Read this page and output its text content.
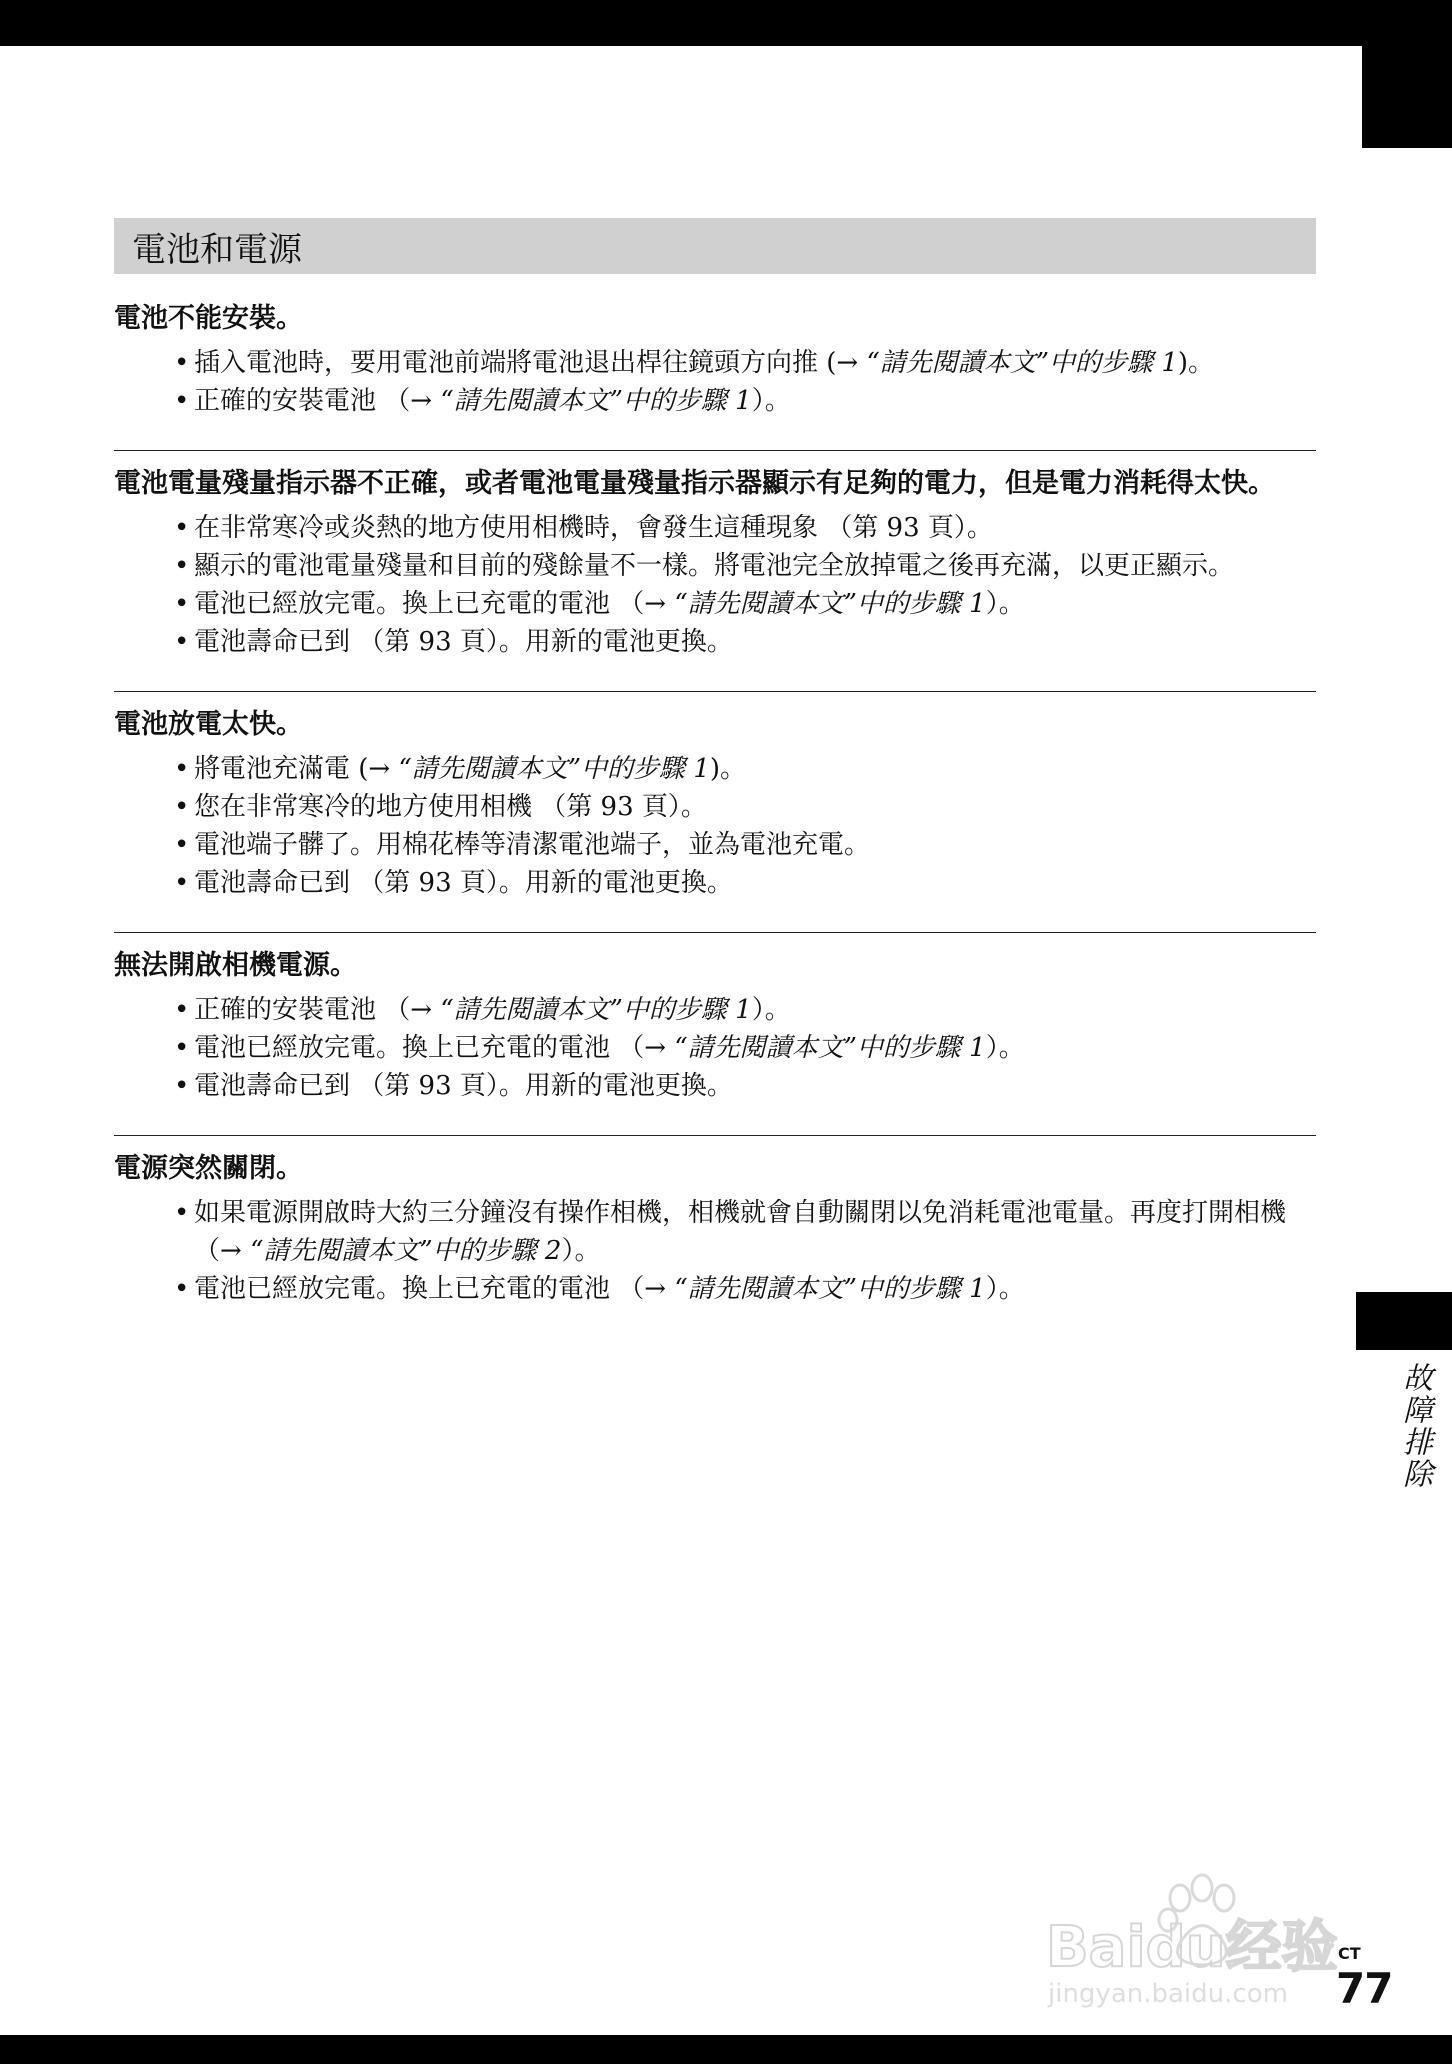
電池和電源
電池不能安裝。
• 插入電池時，要用電池前端將電池退出桿往鏡頭方向推 (→ “請先閱讀本文”中的步驟 1)。
• 正確的安裝電池 （→ “請先閱讀本文”中的步驟 1）。
電池電量殘量指示器不正確，或者電池電量殘量指示器顯示有足夠的電力，但是電力消耗得太快。
• 在非常寒冷或炎熱的地方使用相機時，會發生這種現象 （第 93 頁）。
• 顯示的電池電量殘量和目前的殘餘量不一樣。將電池完全放掉電之後再充滿，以更正顯示。
• 電池已經放完電。換上已充電的電池 （→ “請先閱讀本文”中的步驟 1）。
• 電池壽命已到 （第 93 頁）。用新的電池更換。
電池放電太快。
• 將電池充滿電 (→ “請先閱讀本文”中的步驟 1)。
• 您在非常寒冷的地方使用相機 （第 93 頁）。
• 電池端子髒了。用棉花棒等清潔電池端子，並為電池充電。
• 電池壽命已到 （第 93 頁）。用新的電池更換。
無法開啟相機電源。
• 正確的安裝電池 （→ “請先閱讀本文”中的步驟 1）。
• 電池已經放完電。換上已充電的電池 （→ “請先閱讀本文”中的步驟 1）。
• 電池壽命已到 （第 93 頁）。用新的電池更換。
電源突然關閉。
• 如果電源開啟時大約三分鐘沒有操作相機，相機就會自動關閉以免消耗電池電量。再度打開相機 （→ “請先閱讀本文”中的步驟 2）。
• 電池已經放完電。換上已充電的電池 （→ “請先閱讀本文”中的步驟 1）。
故障排除
Baidu经验
jingyan.baidu.com
CT
77
